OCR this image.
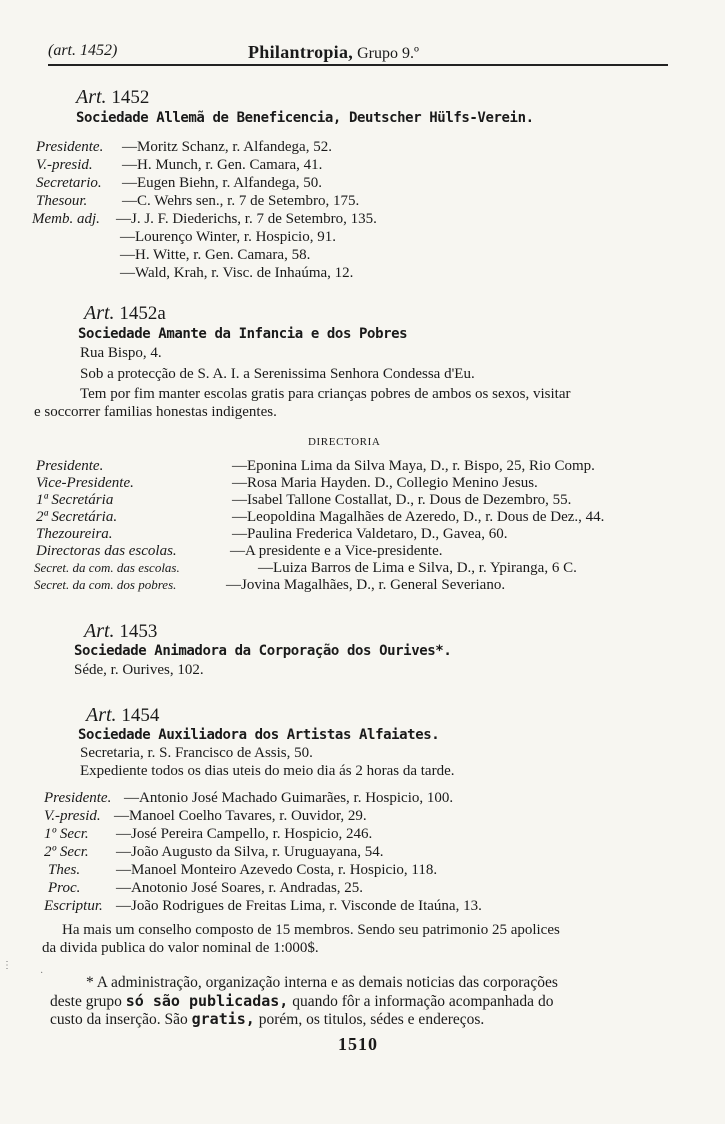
(art. 1452)	Philantropia, Grupo 9.º
Art. 1452
Sociedade Allemã de Beneficencia, Deutscher Hülfs-Verein.
Presidente. —Moritz Schanz, r. Alfandega, 52.
V.-presid. —H. Munch, r. Gen. Camara, 41.
Secretario. —Eugen Biehn, r. Alfandega, 50.
Thesour. —C. Wehrs sen., r. 7 de Setembro, 175.
Memb. adj. —J. J. F. Diederichs, r. 7 de Setembro, 135.
—Lourenço Winter, r. Hospicio, 91.
—H. Witte, r. Gen. Camara, 58.
—Wald, Krah, r. Visc. de Inhaúma, 12.
Art. 1452a
Sociedade Amante da Infancia e dos Pobres
Rua Bispo, 4.
Sob a protecção de S. A. I. a Serenissima Senhora Condessa d'Eu.
Tem por fim manter escolas gratis para crianças pobres de ambos os sexos, visitar
e soccorrer familias honestas indigentes.
DIRECTORIA
Presidente.	—Eponina Lima da Silva Maya, D., r. Bispo, 25, Rio Comp.
Vice-Presidente.	—Rosa Maria Hayden. D., Collegio Menino Jesus.
1ª Secretária	—Isabel Tallone Costallat, D., r. Dous de Dezembro, 55.
2ª Secretária.	—Leopoldina Magalhães de Azeredo, D., r. Dous de Dez., 44.
Thezoureira.	—Paulina Frederica Valdetaro, D., Gavea, 60.
Directoras das escolas.	—A presidente e a Vice-presidente.
Secret. da com. das escolas.	—Luiza Barros de Lima e Silva, D., r. Ypiranga, 6 C.
Secret. da com. dos pobres.	—Jovina Magalhães, D., r. General Severiano.
Art. 1453
Sociedade Animadora da Corporação dos Ourives*.
Séde, r. Ourives, 102.
Art. 1454
Sociedade Auxiliadora dos Artistas Alfaiates.
Secretaria, r. S. Francisco de Assis, 50.
Expediente todos os dias uteis do meio dia ás 2 horas da tarde.
Presidente. —Antonio José Machado Guimarães, r. Hospicio, 100.
V.-presid. —Manoel Coelho Tavares, r. Ouvidor, 29.
1º Secr. —José Pereira Campello, r. Hospicio, 246.
2º Secr. —João Augusto da Silva, r. Uruguayana, 54.
Thes. —Manoel Monteiro Azevedo Costa, r. Hospicio, 118.
Proc. —Anotonio José Soares, r. Andradas, 25.
Escriptur. —João Rodrigues de Freitas Lima, r. Visconde de Itaúna, 13.
Ha mais um conselho composto de 15 membros. Sendo seu patrimonio 25 apolices
da divida publica do valor nominal de 1:000$.
* A administração, organização interna e as demais noticias das corporações
deste grupo só são publicadas, quando fôr a informação acompanhada do
custo da inserção. São gratis, porém, os titulos, sédes e endereços.
1510
⋮
·
